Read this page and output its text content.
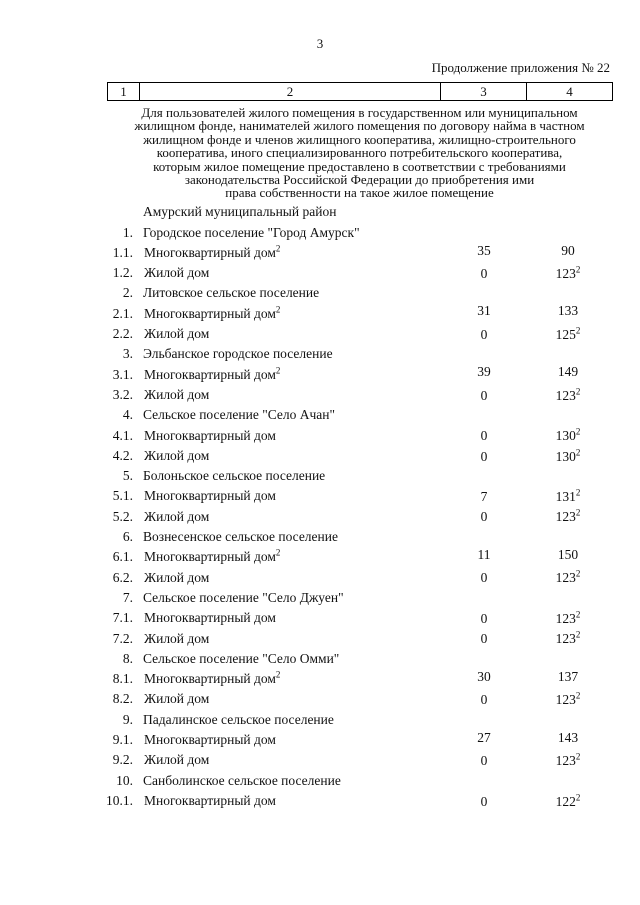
3
Продолжение приложения № 22
1	2	3	4
Для пользователей жилого помещения в государственном или муниципальном
жилищном фонде, нанимателей жилого помещения по договору найма в частном
жилищном фонде и членов жилищного кооператива, жилищно-строительного
кооператива, иного специализированного потребительского кооператива,
которым жилое помещение предоставлено в соответствии с требованиями
законодательства Российской Федерации до приобретения ими
права собственности на такое жилое помещение
Амурский муниципальный район
1. Городское поселение "Город Амурск"
1.1. Многоквартирный дом$^2$	35	90
1.2. Жилой дом	0	$123^2$
2. Литовское сельское поселение
2.1. Многоквартирный дом$^2$	31	133
2.2. Жилой дом	0	$125^2$
3. Эльбанское городское поселение
3.1. Многоквартирный дом$^2$	39	149
3.2. Жилой дом	0	$123^2$
4. Сельское поселение "Село Ачан"
4.1. Многоквартирный дом	0	$130^2$
4.2. Жилой дом	0	$130^2$
5. Болоньское сельское поселение
5.1. Многоквартирный дом	7	$131^2$
5.2. Жилой дом	0	$123^2$
6. Вознесенское сельское поселение
6.1. Многоквартирный дом$^2$	11	150
6.2. Жилой дом	0	$123^2$
7. Сельское поселение "Село Джуен"
7.1. Многоквартирный дом	0	$123^2$
7.2. Жилой дом	0	$123^2$
8. Сельское поселение "Село Омми"
8.1. Многоквартирный дом$^2$	30	137
8.2. Жилой дом	0	$123^2$
9. Падалинское сельское поселение
9.1. Многоквартирный дом	27	143
9.2. Жилой дом	0	$123^2$
10. Санболинское сельское поселение
10.1. Многоквартирный дом	0	$122^2$
